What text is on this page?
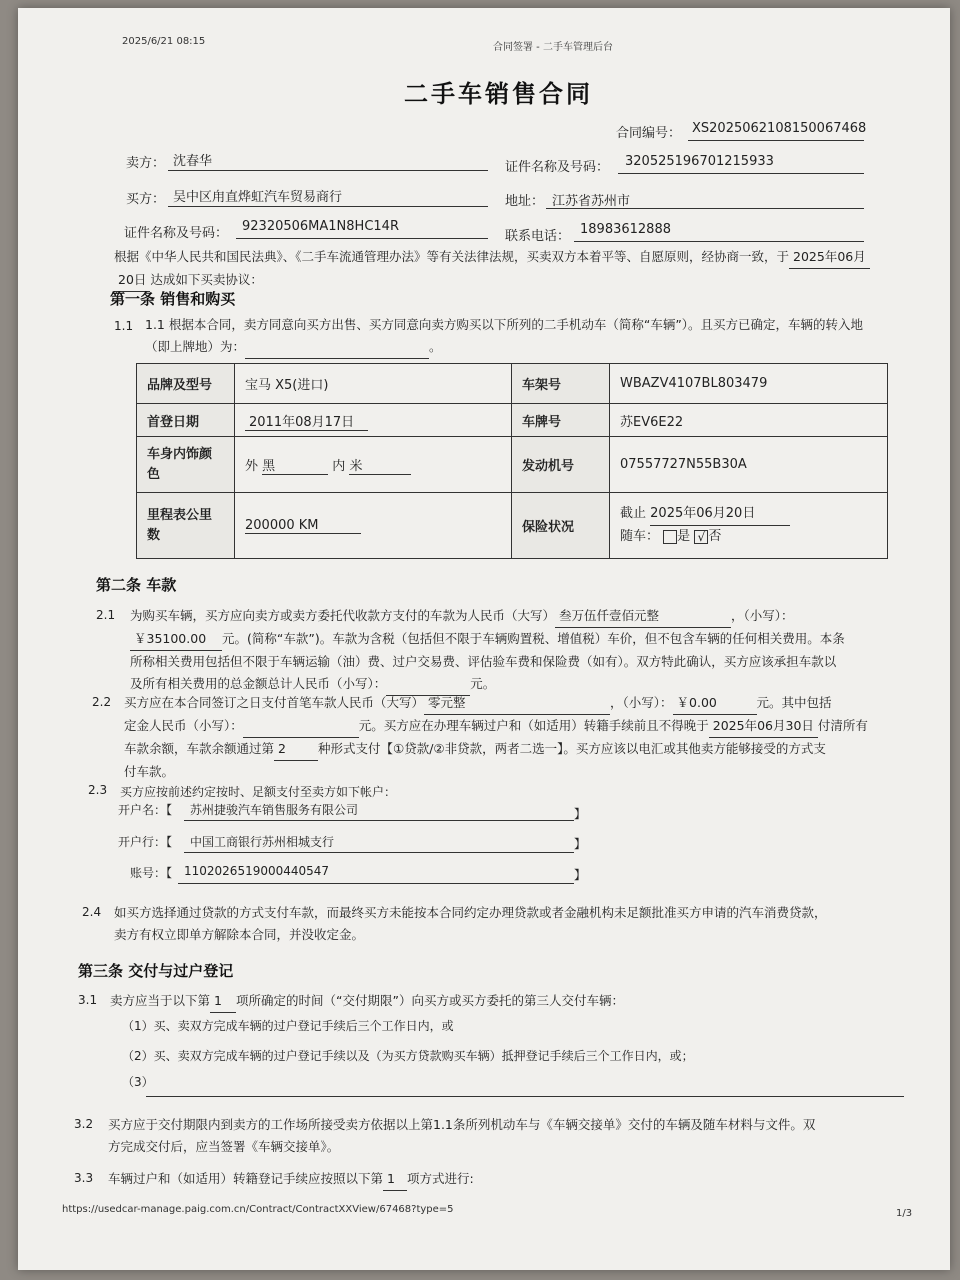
2025/6/21 08:15
合同签署 - 二手车管理后台
二手车销售合同
合同编号： XS2025062108150067468
卖方： 沈春华	证件名称及号码： 320525196701215933
买方： 吴中区甪直烨虹汽车贸易商行	地址： 江苏省苏州市
证件名称及号码： 92320506MA1N8HC14R
联系电话： 18983612888
根据《中华人民共和国民法典》、《二手车流通管理办法》等有关法律法规，买卖双方本着平等、自愿原则，经协商一致，于 2025年06月
20日 达成如下买卖协议：
第一条 销售和购买
1.1 1.1 根据本合同，卖方同意向买方出售、买方同意向卖方购买以下所列的二手机动车（简称“车辆”）。且买方已确定，车辆的转入地
（即上牌地）为：	。
品牌及型号	宝马 X5(进口)	车架号	WBAZV4107BL803479
首登日期	2011年08月17日	车牌号	苏EV6E22
车身内饰颜
色	外 黑 内 米	发动机号	07557727N55B30A
里程表公里
数	200000 KM	保险状况	截止 2025年06月20日
随车： 是 √ 否
第二条 车款
2.1 为购买车辆，买方应向卖方或卖方委托代收款方支付的车款为人民币（大写） 叁万伍仟壹佰元整	，（小写）：
￥35100.00 元。(简称“车款”)。车款为含税（包括但不限于车辆购置税、增值税）车价，但不包含车辆的任何相关费用。本条
所称相关费用包括但不限于车辆运输（油）费、过户交易费、评估验车费和保险费（如有）。双方特此确认，买方应该承担车款以
及所有相关费用的总金额总计人民币（小写）：	元。
2.2 买方应在本合同签订之日支付首笔车款人民币（大写） 零元整	，（小写）： ￥0.00	元。其中包括
定金人民币（小写）：	元。买方应在办理车辆过户和（如适用）转籍手续前且不得晚于 2025年06月30日 付清所有
车款余额，车款余额通过第 2	种形式支付【①贷款/②非贷款，两者二选一】。买方应该以电汇或其他卖方能够接受的方式支
付车款。
2.3 买方应按前述约定按时、足额支付至卖方如下帐户：
开户名：【 苏州捷骏汽车销售服务有限公司	】
开户行：【 中国工商银行苏州相城支行	】
账号：【 1102026519000440547	】
2.4 如买方选择通过贷款的方式支付车款，而最终买方未能按本合同约定办理贷款或者金融机构未足额批准买方申请的汽车消费贷款，
卖方有权立即单方解除本合同，并没收定金。
第三条 交付与过户登记
3.1 卖方应当于以下第 1 项所确定的时间（“交付期限”）向买方或买方委托的第三人交付车辆：
（1）买、卖双方完成车辆的过户登记手续后三个工作日内，或
（2）买、卖双方完成车辆的过户登记手续以及（为买方贷款购买车辆）抵押登记手续后三个工作日内，或；
（3）
3.2 买方应于交付期限内到卖方的工作场所接受卖方依据以上第1.1条所列机动车与《车辆交接单》交付的车辆及随车材料与文件。双
方完成交付后，应当签署《车辆交接单》。
3.3 车辆过户和（如适用）转籍登记手续应按照以下第 1 项方式进行:
https://usedcar-manage.paig.com.cn/Contract/ContractXXView/67468?type=5	1/3
